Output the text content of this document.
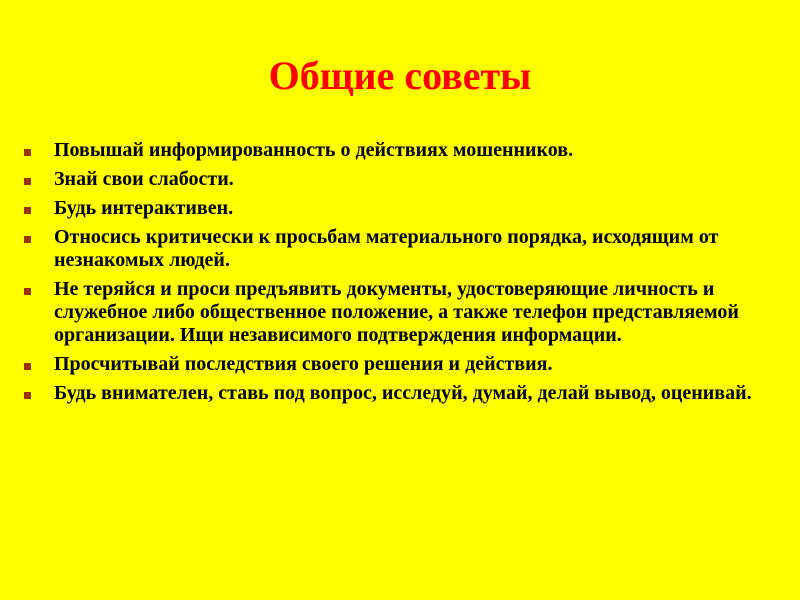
Общие советы
Повышай информированность о действиях мошенников.
Знай свои слабости.
Будь интерактивен.
Относись критически к просьбам материального порядка, исходящим от незнакомых людей.
Не теряйся и проси предъявить документы, удостоверяющие личность и служебное либо общественное положение, а также телефон представляемой организации. Ищи независимого подтверждения информации.
Просчитывай последствия своего решения и действия.
Будь внимателен, ставь под вопрос, исследуй, думай, делай вывод, оценивай.
